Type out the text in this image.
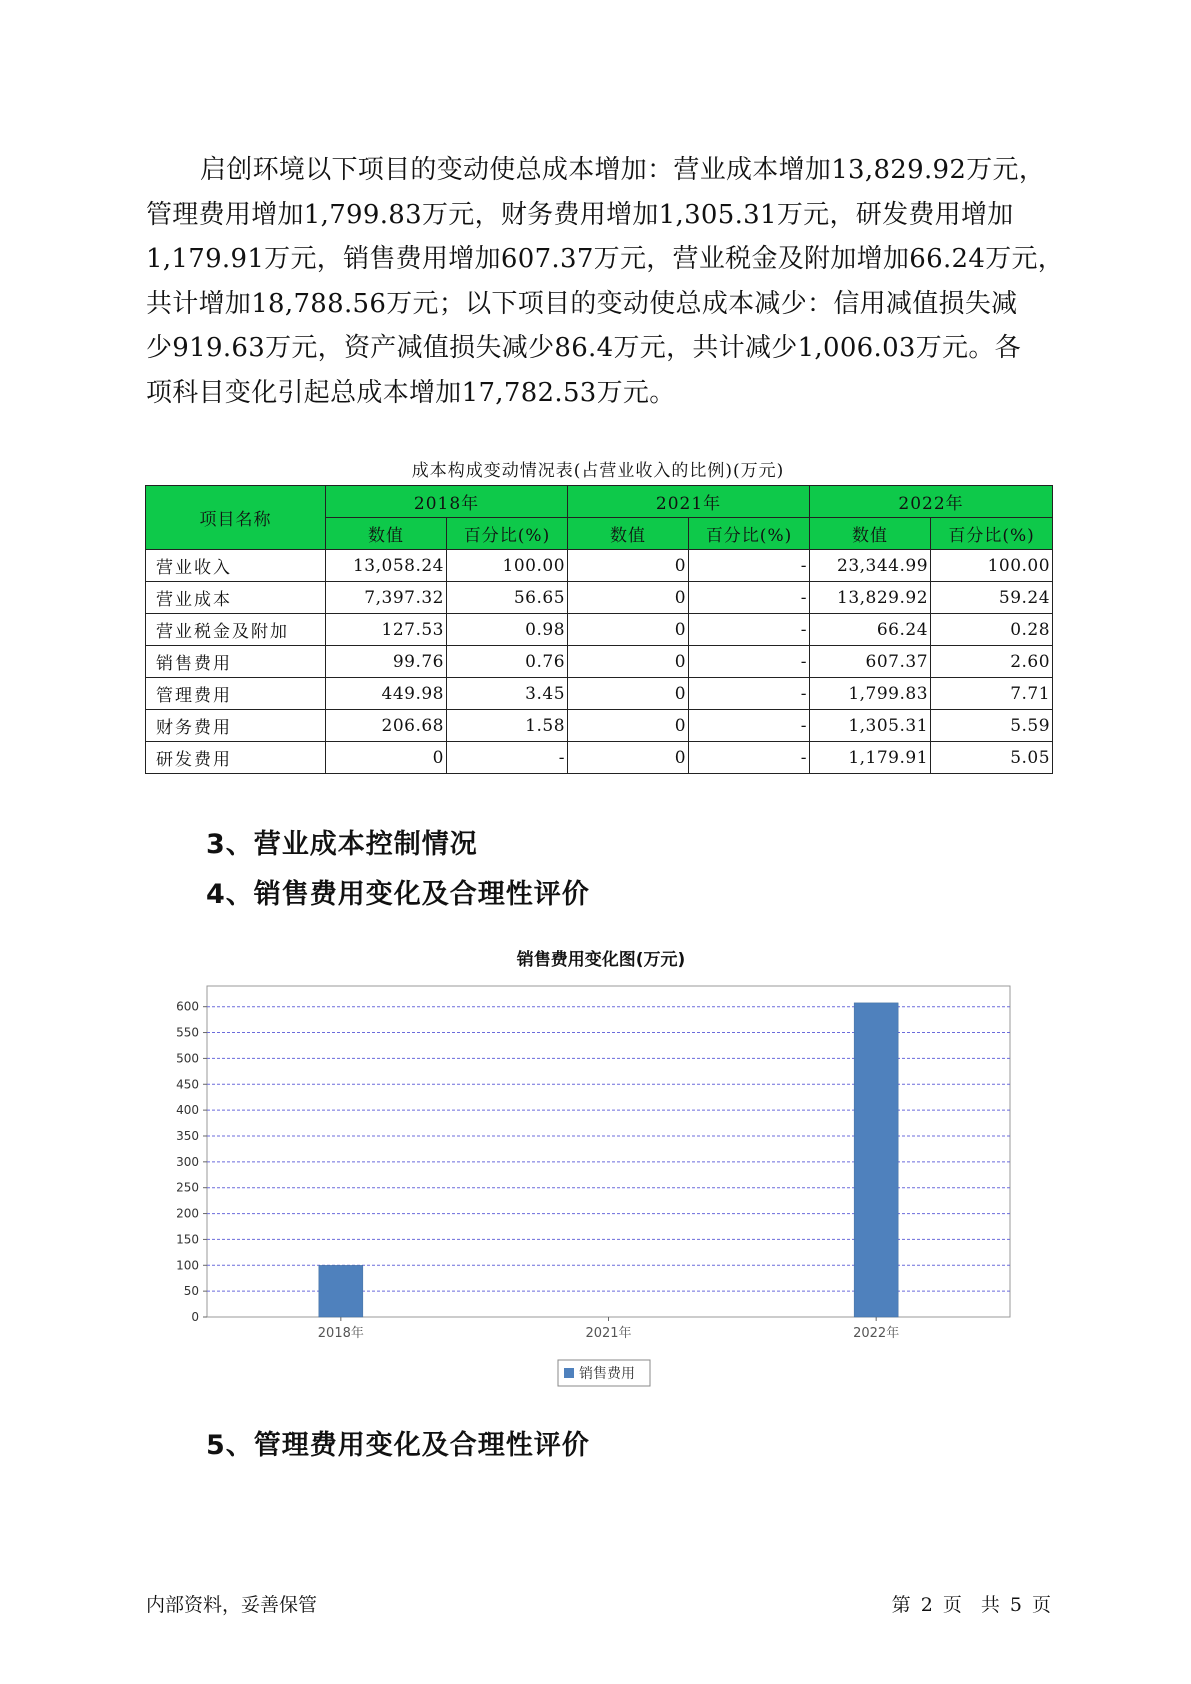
启创环境以下项目的变动使总成本增加：营业成本增加13,829.92万元，
管理费用增加1,799.83万元，财务费用增加1,305.31万元，研发费用增加
1,179.91万元，销售费用增加607.37万元，营业税金及附加增加66.24万元，
共计增加18,788.56万元；以下项目的变动使总成本减少：信用减值损失减
少919.63万元，资产减值损失减少86.4万元，共计减少1,006.03万元。各
项科目变化引起总成本增加17,782.53万元。
成本构成变动情况表(占营业收入的比例)(万元)
项目名称	2018年		2021年		2022年	
	数值	百分比(%)	数值	百分比(%)	数值	百分比(%)
营业收入	13,058.24	100.00	0	-	23,344.99	100.00
营业成本	7,397.32	56.65	0	-	13,829.92	59.24
营业税金及附加	127.53	0.98	0	-	66.24	0.28
销售费用	99.76	0.76	0	-	607.37	2.60
管理费用	449.98	3.45	0	-	1,799.83	7.71
财务费用	206.68	1.58	0	-	1,305.31	5.59
研发费用	0	-	0	-	1,179.91	5.05
3、营业成本控制情况
4、销售费用变化及合理性评价
销售费用变化图(万元)
0
50
100
150
200
250
300
350
400
450
500
550
600
2018年	2021年	2022年
销售费用
5、管理费用变化及合理性评价
内部资料，妥善保管	第 2 页　共 5 页
